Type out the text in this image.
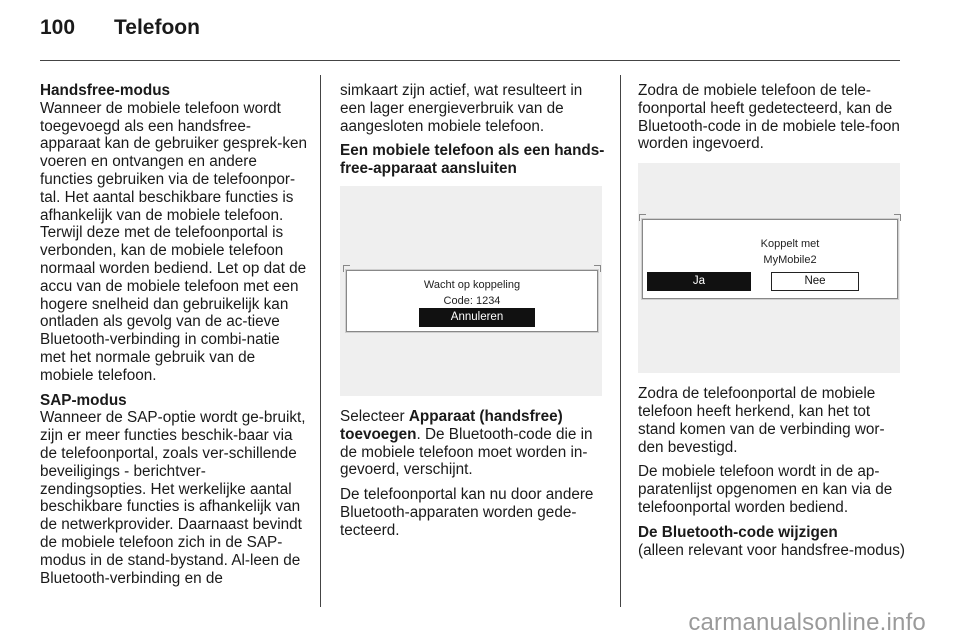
100 Telefoon
Handsfree-modus

Wanneer de mobiele telefoon wordt toegevoegd als een handsfree-apparaat kan de gebruiker gesprek-ken voeren en ontvangen en andere functies gebruiken via de telefoonpor-tal. Het aantal beschikbare functies is afhankelijk van de mobiele telefoon. Terwijl deze met de telefoonportal is verbonden, kan de mobiele telefoon normaal worden bediend. Let op dat de accu van de mobiele telefoon met een hogere snelheid dan gebruikelijk kan ontladen als gevolg van de ac-tieve Bluetooth-verbinding in combi-natie met het normale gebruik van de mobiele telefoon.

SAP-modus

Wanneer de SAP-optie wordt ge-bruikt, zijn er meer functies beschik-baar via de telefoonportal, zoals ver-schillende beveiligings - berichtver-zendingsopties. Het werkelijke aantal beschikbare functies is afhankelijk van de netwerkprovider. Daarnaast bevindt de mobiele telefoon zich in de SAP-modus in de stand-bystand. Al-leen de Bluetooth-verbinding en de

simkaart zijn actief, wat resulteert in een lager energieverbruik van de aangesloten mobiele telefoon.

Een mobiele telefoon als een hands-free-apparaat aansluiten
Wacht op koppeling
Code: 1234
Annuleren

Selecteer Apparaat (handsfree) toevoegen. De Bluetooth-code die in de mobiele telefoon moet worden in-gevoerd, verschijnt.

De telefoonportal kan nu door andere Bluetooth-apparaten worden gede-tecteerd.

Zodra de mobiele telefoon de tele-foonportal heeft gedetecteerd, kan de Bluetooth-code in de mobiele tele-foon worden ingevoerd.

Koppelt met
MyMobile2
Ja	Nee

Zodra de telefoonportal de mobiele telefoon heeft herkend, kan het tot stand komen van de verbinding wor-den bevestigd.

De mobiele telefoon wordt in de ap-paratenlijst opgenomen en kan via de telefoonportal worden bediend.

De Bluetooth-code wijzigen

(alleen relevant voor handsfree-modus)

carmanualsonline.info
